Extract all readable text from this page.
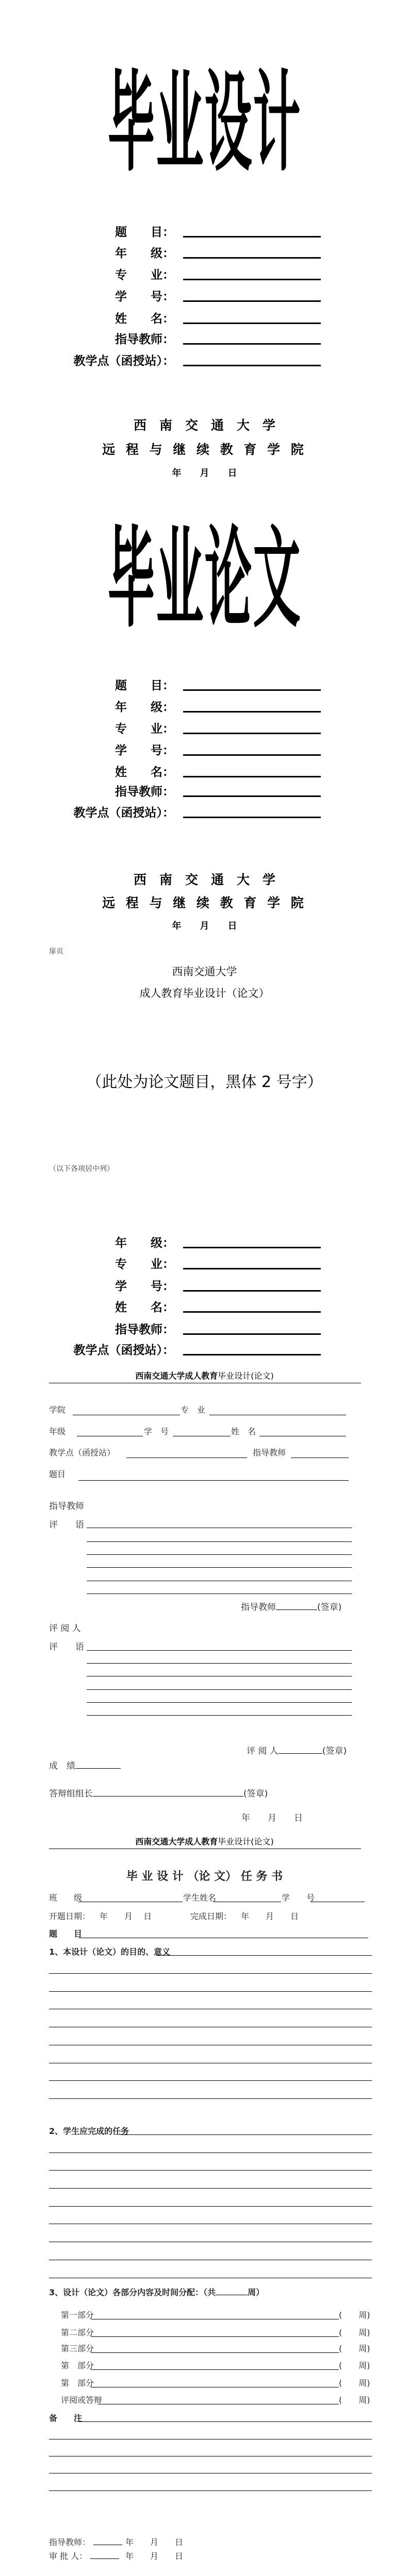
毕业设计
题　　目：
年　　级：
专　　业：
学　　号：
姓　　名：
指导教师：
教学点（函授站）：
西　南　交　通　大　学
远 程 与 继 续 教 育 学 院
年　　月　　日
毕业论文
题　　目：
年　　级：
专　　业：
学　　号：
姓　　名：
指导教师：
教学点（函授站）：
西　南　交　通　大　学
远 程 与 继 续 教 育 学 院
年　　月　　日
扉页
西南交通大学
成人教育毕业设计（论文）
（此处为论文题目，黑体 2 号字）
（以下各项居中列）
年　　级：
专　　业：
学　　号：
姓　　名：
指导教师：
教学点（函授站）：
西南交通大学成人教育毕业设计(论文)
学院	专　业
年级	学　号	姓　名
教学点（函授站）	指导教师
题目
指导教师
评　　语
指导教师	(签章)
评 阅 人
评　　语
评 阅 人	(签章)
成　绩
答辩组组长	(签章)
年　　月　　日
西南交通大学成人教育毕业设计(论文)
毕 业 设 计 （论 文） 任 务 书
班　　级	学生姓名	学　　号
开题日期： 年　　月　 日	完成日期： 年　　月　　日
题　　目
1、本设计（论文）的目的、意义
2、学生应完成的任务
3、设计（论文）各部分内容及时间分配：（共	周）
第一部分	(　　周)
第二部分	(　　周)
第三部分	(　　周)
第　部分	(　　周)
第　部分	(　　周)
评阅或答辩	(　　周)
备　　注
指导教师：	年　　月　　日
审 批 人：	年　　月　　日
